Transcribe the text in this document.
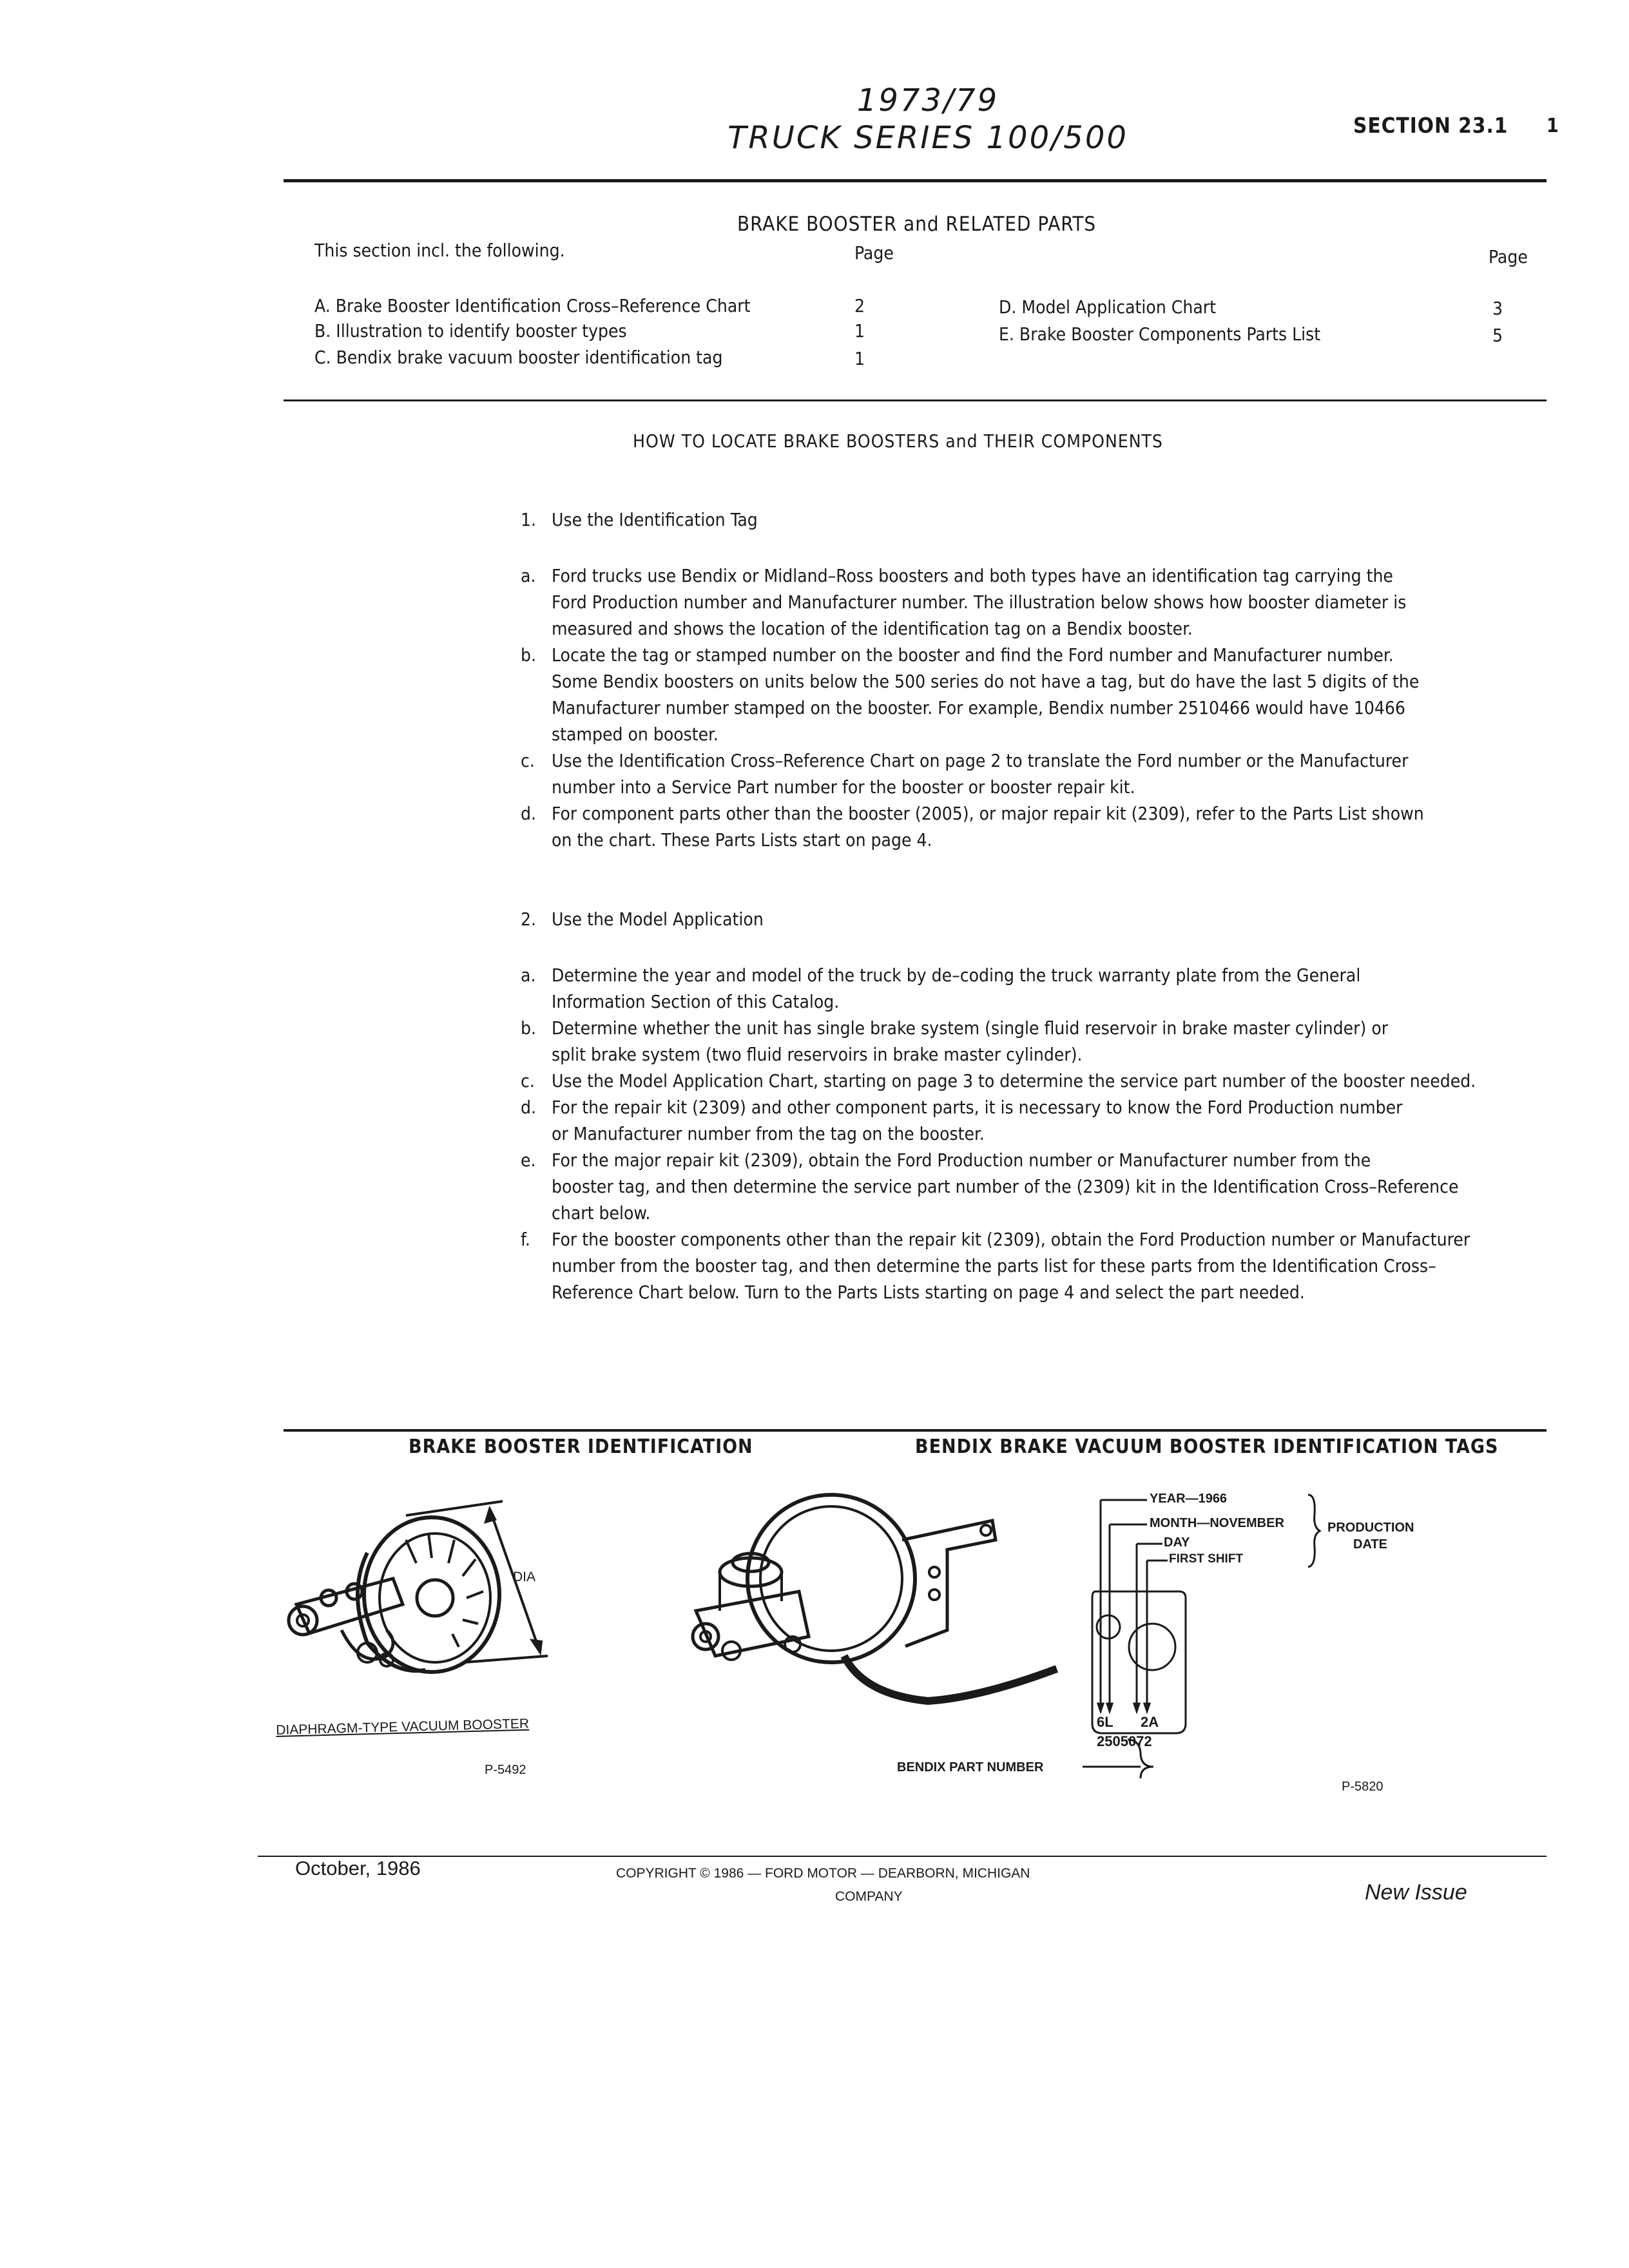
1973/79
TRUCK SERIES 100/500	SECTION 23.1 1
BRAKE BOOSTER and RELATED PARTS
This section incl. the following.	Page	Page
A. Brake Booster Identification Cross–Reference Chart	2
B. Illustration to identify booster types	1
C. Bendix brake vacuum booster identification tag	1
D. Model Application Chart	3
E. Brake Booster Components Parts List	5
HOW TO LOCATE BRAKE BOOSTERS and THEIR COMPONENTS
1. Use the Identification Tag
a. Ford trucks use Bendix or Midland–Ross boosters and both types have an identification tag carrying the
Ford Production number and Manufacturer number. The illustration below shows how booster diameter is
measured and shows the location of the identification tag on a Bendix booster.
b. Locate the tag or stamped number on the booster and find the Ford number and Manufacturer number.
Some Bendix boosters on units below the 500 series do not have a tag, but do have the last 5 digits of the
Manufacturer number stamped on the booster. For example, Bendix number 2510466 would have 10466
stamped on booster.
c. Use the Identification Cross–Reference Chart on page 2 to translate the Ford number or the Manufacturer
number into a Service Part number for the booster or booster repair kit.
d. For component parts other than the booster (2005), or major repair kit (2309), refer to the Parts List shown
on the chart. These Parts Lists start on page 4.
2. Use the Model Application
a. Determine the year and model of the truck by de–coding the truck warranty plate from the General
Information Section of this Catalog.
b. Determine whether the unit has single brake system (single fluid reservoir in brake master cylinder) or
split brake system (two fluid reservoirs in brake master cylinder).
c. Use the Model Application Chart, starting on page 3 to determine the service part number of the booster needed.
d. For the repair kit (2309) and other component parts, it is necessary to know the Ford Production number
or Manufacturer number from the tag on the booster.
e. For the major repair kit (2309), obtain the Ford Production number or Manufacturer number from the
booster tag, and then determine the service part number of the (2309) kit in the Identification Cross–Reference
chart below.
f. For the booster components other than the repair kit (2309), obtain the Ford Production number or Manufacturer
number from the booster tag, and then determine the parts list for these parts from the Identification Cross–
Reference Chart below. Turn to the Parts Lists starting on page 4 and select the part needed.
BRAKE BOOSTER IDENTIFICATION	BENDIX BRAKE VACUUM BOOSTER IDENTIFICATION TAGS
DIA
DIAPHRAGM-TYPE VACUUM BOOSTER
P-5492
YEAR—1966
MONTH—NOVEMBER
DAY
FIRST SHIFT
PRODUCTION
DATE
6L 2A
2505072
BENDIX PART NUMBER
P-5820
October, 1986	COPYRIGHT © 1986 — FORD MOTOR — DEARBORN, MICHIGAN
COMPANY	New Issue
